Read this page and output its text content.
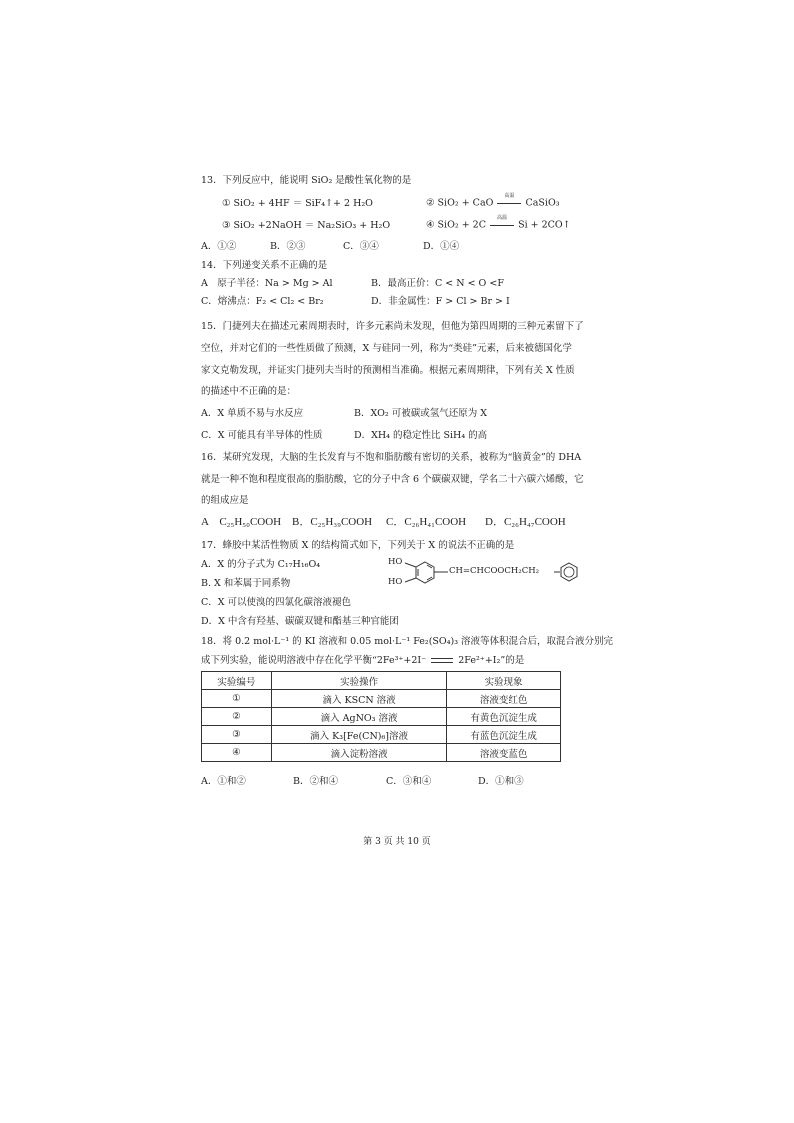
13．下列反应中，能说明 SiO₂ 是酸性氧化物的是
① SiO₂ + 4HF ＝ SiF₄↑+ 2 H₂O	② SiO₂ + CaO
高温
CaSiO₃
③ SiO₂ +2NaOH ＝ Na₂SiO₃ + H₂O	④ SiO₂ + 2C
高温
Si + 2CO↑
A．①②	B．②③	C．③④	D．①④
14．下列递变关系不正确的是
A　原子半径：Na > Mg > Al	B．最高正价：C < N < O <F
C．熔沸点：F₂ < Cl₂ < Br₂	D．非金属性：F > Cl > Br > I
15．门捷列夫在描述元素周期表时，许多元素尚未发现，但他为第四周期的三种元素留下了
空位，并对它们的一些性质做了预测，X 与硅同一列，称为“类硅”元素，后来被德国化学
家文克勒发现，并证实门捷列夫当时的预测相当准确。根据元素周期律，下列有关 X 性质
的描述中不正确的是：
A．X 单质不易与水反应	B．XO₂ 可被碳或氢气还原为 X
C．X 可能具有半导体的性质	D．XH₄ 的稳定性比 SiH₄ 的高
16．某研究发现，大脑的生长发育与不饱和脂肪酸有密切的关系，被称为“脑黄金”的 DHA
就是一种不饱和程度很高的脂肪酸，它的分子中含 6 个碳碳双键，学名二十六碳六烯酸，它
的组成应是
A　C₂₅H₅₀COOH B．C₂₅H₃₉COOH C．C₂₆H₄₁COOH D．C₂₆H₄₇COOH
17．蜂胶中某活性物质 X 的结构简式如下，下列关于 X 的说法不正确的是
A．X 的分子式为 C₁₇H₁₆O₄
B. X 和苯属于同系物
C．X 可以使溴的四氯化碳溶液褪色
D．X 中含有羟基、碳碳双键和酯基三种官能团
HO
HO
CH=CHCOOCH₂CH₂
18．将 0.2 mol·L⁻¹ 的 KI 溶液和 0.05 mol·L⁻¹ Fe₂(SO₄)₃ 溶液等体积混合后，取混合液分别完
成下列实验，能说明溶液中存在化学平衡“2Fe³⁺+2I⁻	2Fe²⁺+I₂”的是
实验编号	实验操作	实验现象
①	滴入 KSCN 溶液	溶液变红色
②	滴入 AgNO₃ 溶液	有黄色沉淀生成
③	滴入 K₃[Fe(CN)₆]溶液	有蓝色沉淀生成
④	滴入淀粉溶液	溶液变蓝色
A．①和②	B．②和④	C．③和④	D．①和③
第 3 页 共 10 页
